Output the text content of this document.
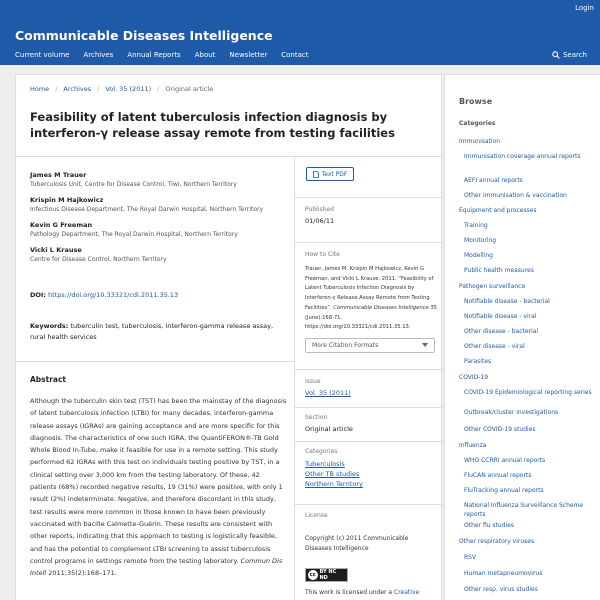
Login
Communicable Diseases Intelligence
Current volume Archives Annual Reports About Newsletter Contact	Search
Home / Archives / Vol. 35 (2011) / Original article
Feasibility of latent tuberculosis infection diagnosis by interferon-γ release assay remote from testing facilities
James M Trauer
Tuberculosis Unit, Centre for Disease Control, Tiwi, Northern Territory
Krispin M Hajkowicz
Infectious Disease Department, The Royal Darwin Hospital, Northern Territory
Kevin G Freeman
Pathology Department, The Royal Darwin Hospital, Northern Territory
Vicki L Krause
Centre for Disease Control, Northern Territory
DOI: https://doi.org/10.33321/cdi.2011.35.13
Keywords: tuberculin test, tuberculosis, interferon-gamma release assay, rural health services
Abstract
Although the tuberculin skin test (TST) has been the mainstay of the diagnosis of latent tuberculosis infection (LTBI) for many decades, interferon-gamma release assays (IGRAs) are gaining acceptance and are more specific for this diagnosis. The characteristics of one such IGRA, the QuantiFERON®-TB Gold Whole Blood In-Tube, make it feasible for use in a remote setting. This study performed 62 IGRAs with this test on individuals testing positive by TST, in a clinical setting over 3,000 km from the testing laboratory. Of these, 42 patients (68%) recorded negative results, 19 (31%) were positive, with only 1 result (2%) indeterminate. Negative, and therefore discordant in this study, test results were more common in those known to have been previously vaccinated with bacille Calmette-Guérin. These results are consistent with other reports, indicating that this approach to testing is logistically feasible, and has the potential to complement LTBI screening to assist tuberculosis control programs in settings remote from the testing laboratory. Commun Dis Intell 2011;35(2):168–171.
Text PDF
Published
01/06/11
How to Cite
Trauer, James M, Krispin M Hajkowicz, Kevin G Freeman, and Vicki L Krause. 2011. “Feasibility of Latent Tuberculosis Infection Diagnosis by Interferon-γ Release Assay Remote from Testing Facilities”. Communicable Diseases Intelligence 35 (June):168-71. https://doi.org/10.33321/cdi.2011.35.13.
More Citation Formats
Issue
Vol. 35 (2011)
Section
Original article
Categories
Tuberculosis
Other TB studies
Northern Territory
License
Copyright (c) 2011 Communicable Diseases Intelligence
cc BY NC ND
This work is licensed under a Creative
Browse
Categories
Immunisation
Immunisation coverage annual reports
AEFI annual reports
Other immunisation & vaccination
Equipment and processes
Training
Monitoring
Modelling
Public health measures
Pathogen surveillance
Notifiable disease - bacterial
Notifiable disease - viral
Other disease - bacterial
Other disease - viral
Parasites
COVID-19
COVID-19 Epidemiological reporting series
Outbreak/cluster investigations
Other COVID-19 studies
Influenza
WHO CCRRI annual reports
FluCAN annual reports
FluTracking annual reports
National Influenza Surveillance Scheme reports
Other flu studies
Other respiratory viruses
RSV
Human metapneumovirus
Other resp. virus studies
